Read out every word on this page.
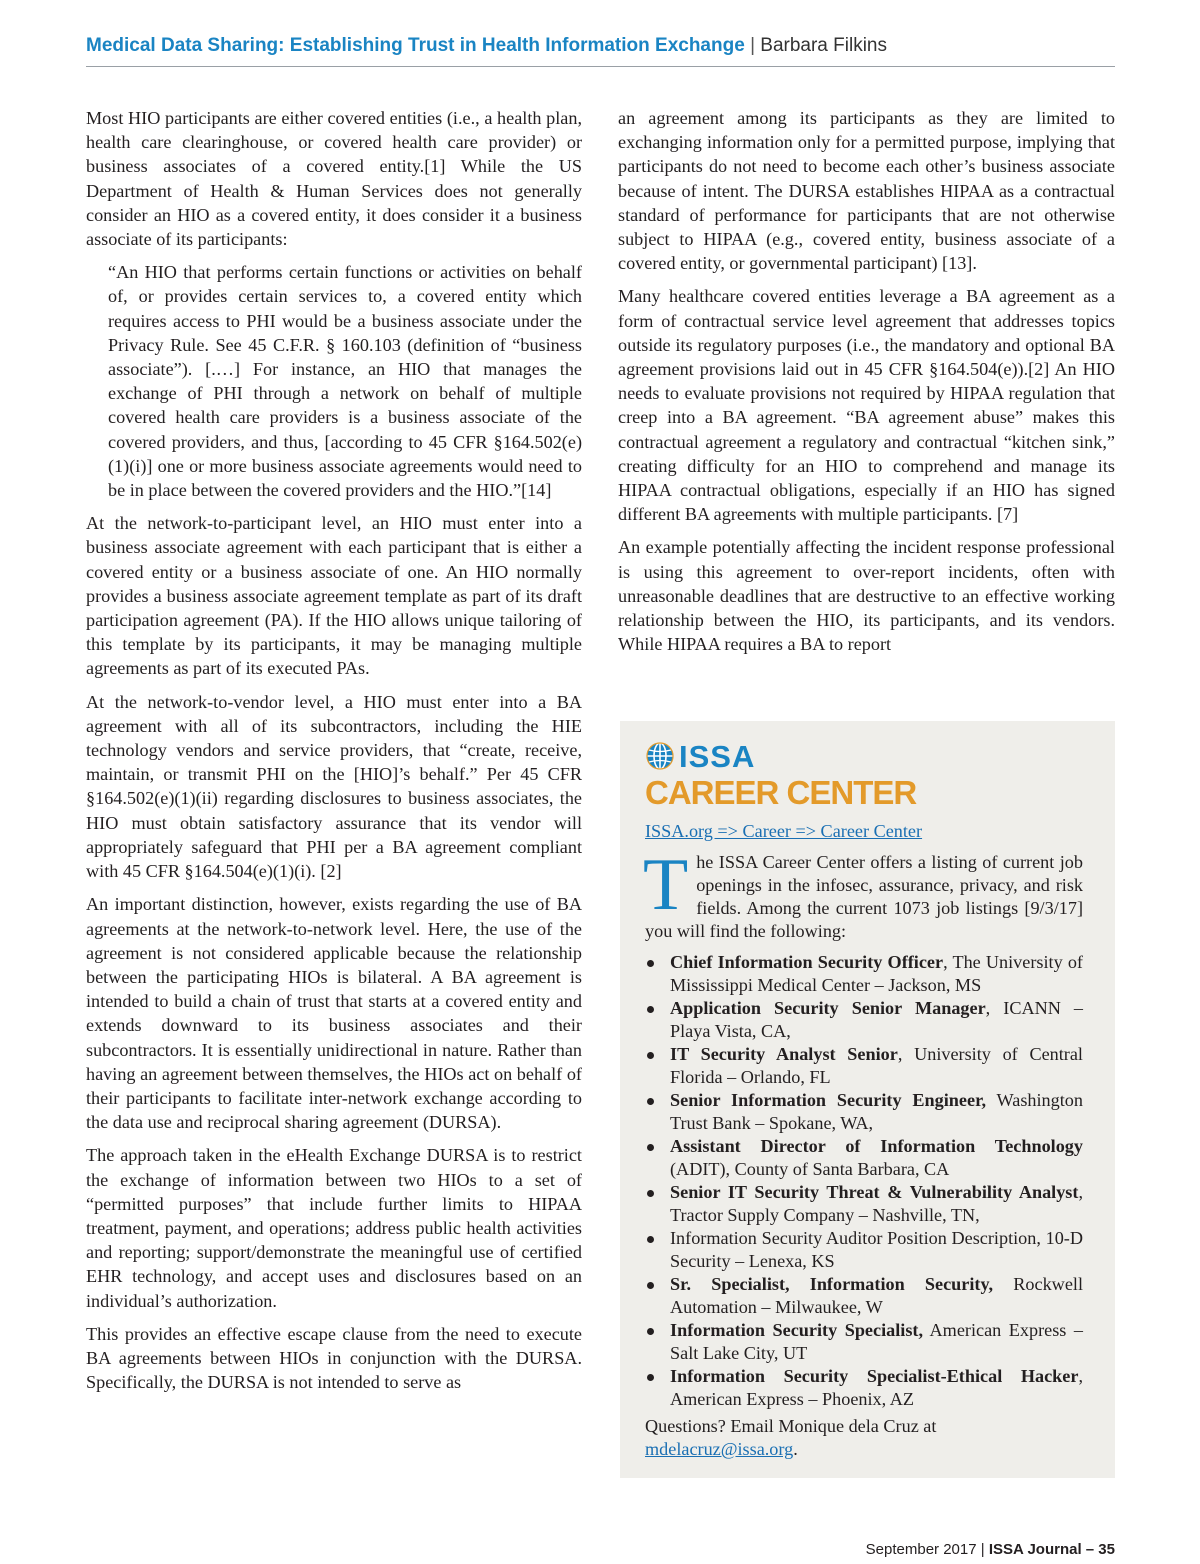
Medical Data Sharing: Establishing Trust in Health Information Exchange | Barbara Filkins

Most HIO participants are either covered entities (i.e., a health plan, health care clearinghouse, or covered health care provider) or business associates of a covered entity.[1] While the US Department of Health & Human Services does not generally consider an HIO as a covered entity, it does consider it a business associate of its participants:

“An HIO that performs certain functions or activities on behalf of, or provides certain services to, a covered entity which requires access to PHI would be a business associate under the Privacy Rule. See 45 C.F.R. § 160.103 (definition of “business associate”). [.…] For instance, an HIO that manages the exchange of PHI through a network on behalf of multiple covered health care providers is a business associate of the covered providers, and thus, [according to 45 CFR §164.502(e)(1)(i)] one or more business associate agreements would need to be in place between the covered providers and the HIO.”[14]

At the network-to-participant level, an HIO must enter into a business associate agreement with each participant that is either a covered entity or a business associate of one. An HIO normally provides a business associate agreement template as part of its draft participation agreement (PA). If the HIO allows unique tailoring of this template by its participants, it may be managing multiple agreements as part of its executed PAs.

At the network-to-vendor level, a HIO must enter into a BA agreement with all of its subcontractors, including the HIE technology vendors and service providers, that “create, receive, maintain, or transmit PHI on the [HIO]’s behalf.” Per 45 CFR §164.502(e)(1)(ii) regarding disclosures to business associates, the HIO must obtain satisfactory assurance that its vendor will appropriately safeguard that PHI per a BA agreement compliant with 45 CFR §164.504(e)(1)(i). [2]

An important distinction, however, exists regarding the use of BA agreements at the network-to-network level. Here, the use of the agreement is not considered applicable because the relationship between the participating HIOs is bilateral. A BA agreement is intended to build a chain of trust that starts at a covered entity and extends downward to its business associates and their subcontractors. It is essentially unidirectional in nature. Rather than having an agreement between themselves, the HIOs act on behalf of their participants to facilitate inter-network exchange according to the data use and reciprocal sharing agreement (DURSA).

The approach taken in the eHealth Exchange DURSA is to restrict the exchange of information between two HIOs to a set of “permitted purposes” that include further limits to HIPAA treatment, payment, and operations; address public health activities and reporting; support/demonstrate the meaningful use of certified EHR technology, and accept uses and disclosures based on an individual’s authorization.

This provides an effective escape clause from the need to execute BA agreements between HIOs in conjunction with the DURSA. Specifically, the DURSA is not intended to serve as

an agreement among its participants as they are limited to exchanging information only for a permitted purpose, implying that participants do not need to become each other’s business associate because of intent. The DURSA establishes HIPAA as a contractual standard of performance for participants that are not otherwise subject to HIPAA (e.g., covered entity, business associate of a covered entity, or governmental participant) [13].

Many healthcare covered entities leverage a BA agreement as a form of contractual service level agreement that addresses topics outside its regulatory purposes (i.e., the mandatory and optional BA agreement provisions laid out in 45 CFR §164.504(e)).[2] An HIO needs to evaluate provisions not required by HIPAA regulation that creep into a BA agreement. “BA agreement abuse” makes this contractual agreement a regulatory and contractual “kitchen sink,” creating difficulty for an HIO to comprehend and manage its HIPAA contractual obligations, especially if an HIO has signed different BA agreements with multiple participants. [7]

An example potentially affecting the incident response professional is using this agreement to over-report incidents, often with unreasonable deadlines that are destructive to an effective working relationship between the HIO, its participants, and its vendors. While HIPAA requires a BA to report

ISSA
CAREER CENTER
ISSA.org => Career => Career Center
The ISSA Career Center offers a listing of current job openings in the infosec, assurance, privacy, and risk fields. Among the current 1073 job listings [9/3/17] you will find the following:
Chief Information Security Officer, The University of Mississippi Medical Center – Jackson, MS
Application Security Senior Manager, ICANN – Playa Vista, CA,
IT Security Analyst Senior, University of Central Florida – Orlando, FL
Senior Information Security Engineer, Washington Trust Bank – Spokane, WA,
Assistant Director of Information Technology (ADIT), County of Santa Barbara, CA
Senior IT Security Threat & Vulnerability Analyst, Tractor Supply Company – Nashville, TN,
Information Security Auditor Position Description, 10-D Security – Lenexa, KS
Sr. Specialist, Information Security, Rockwell Automation – Milwaukee, W
Information Security Specialist, American Express – Salt Lake City, UT
Information Security Specialist-Ethical Hacker, American Express – Phoenix, AZ
Questions? Email Monique dela Cruz at mdelacruz@issa.org.
September 2017 | ISSA Journal – 35
